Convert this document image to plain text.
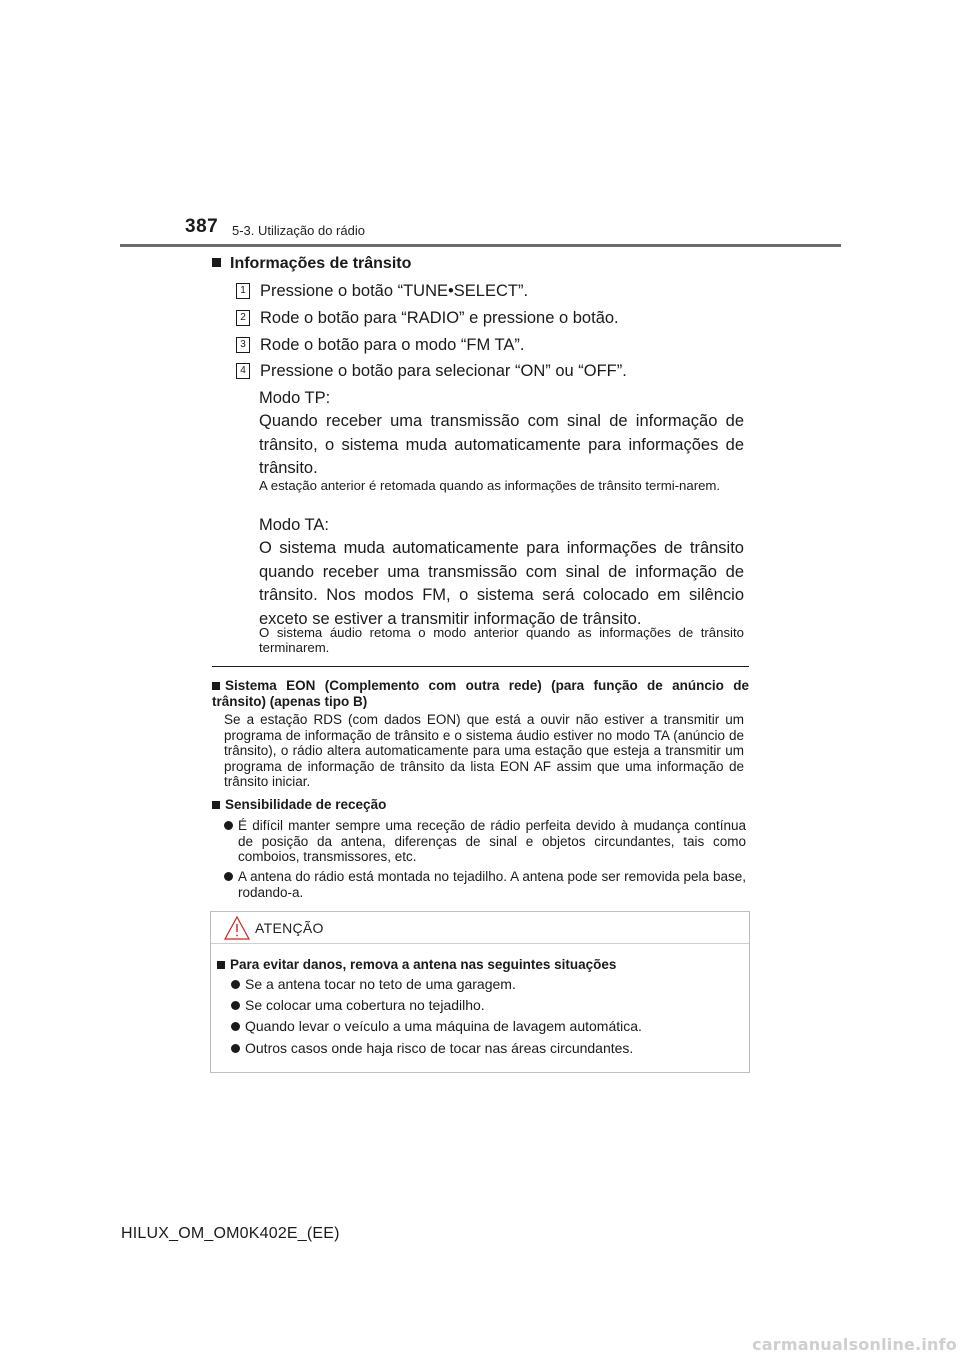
387 5-3. Utilização do rádio
Informações de trânsito
1 Pressione o botão “TUNE•SELECT”.
2 Rode o botão para “RADIO” e pressione o botão.
3 Rode o botão para o modo “FM TA”.
4 Pressione o botão para selecionar “ON” ou “OFF”.
Modo TP:
Quando receber uma transmissão com sinal de informação de trânsito, o sistema muda automaticamente para informações de trânsito.
A estação anterior é retomada quando as informações de trânsito termi-narem.
Modo TA:
O sistema muda automaticamente para informações de trânsito quando receber uma transmissão com sinal de informação de trânsito. Nos modos FM, o sistema será colocado em silêncio exceto se estiver a transmitir informação de trânsito.
O sistema áudio retoma o modo anterior quando as informações de trânsito terminarem.
Sistema EON (Complemento com outra rede) (para função de anúncio de trânsito) (apenas tipo B)
Se a estação RDS (com dados EON) que está a ouvir não estiver a transmitir um programa de informação de trânsito e o sistema áudio estiver no modo TA (anúncio de trânsito), o rádio altera automaticamente para uma estação que esteja a transmitir um programa de informação de trânsito da lista EON AF assim que uma informação de trânsito iniciar.
Sensibilidade de receção
É difícil manter sempre uma receção de rádio perfeita devido à mudança contínua de posição da antena, diferenças de sinal e objetos circundantes, tais como comboios, transmissores, etc.
A antena do rádio está montada no tejadilho. A antena pode ser removida pela base, rodando-a.
ATENÇÃO
Para evitar danos, remova a antena nas seguintes situações
Se a antena tocar no teto de uma garagem.
Se colocar uma cobertura no tejadilho.
Quando levar o veículo a uma máquina de lavagem automática.
Outros casos onde haja risco de tocar nas áreas circundantes.
HILUX_OM_OM0K402E_(EE)
carmanualsonline.info
